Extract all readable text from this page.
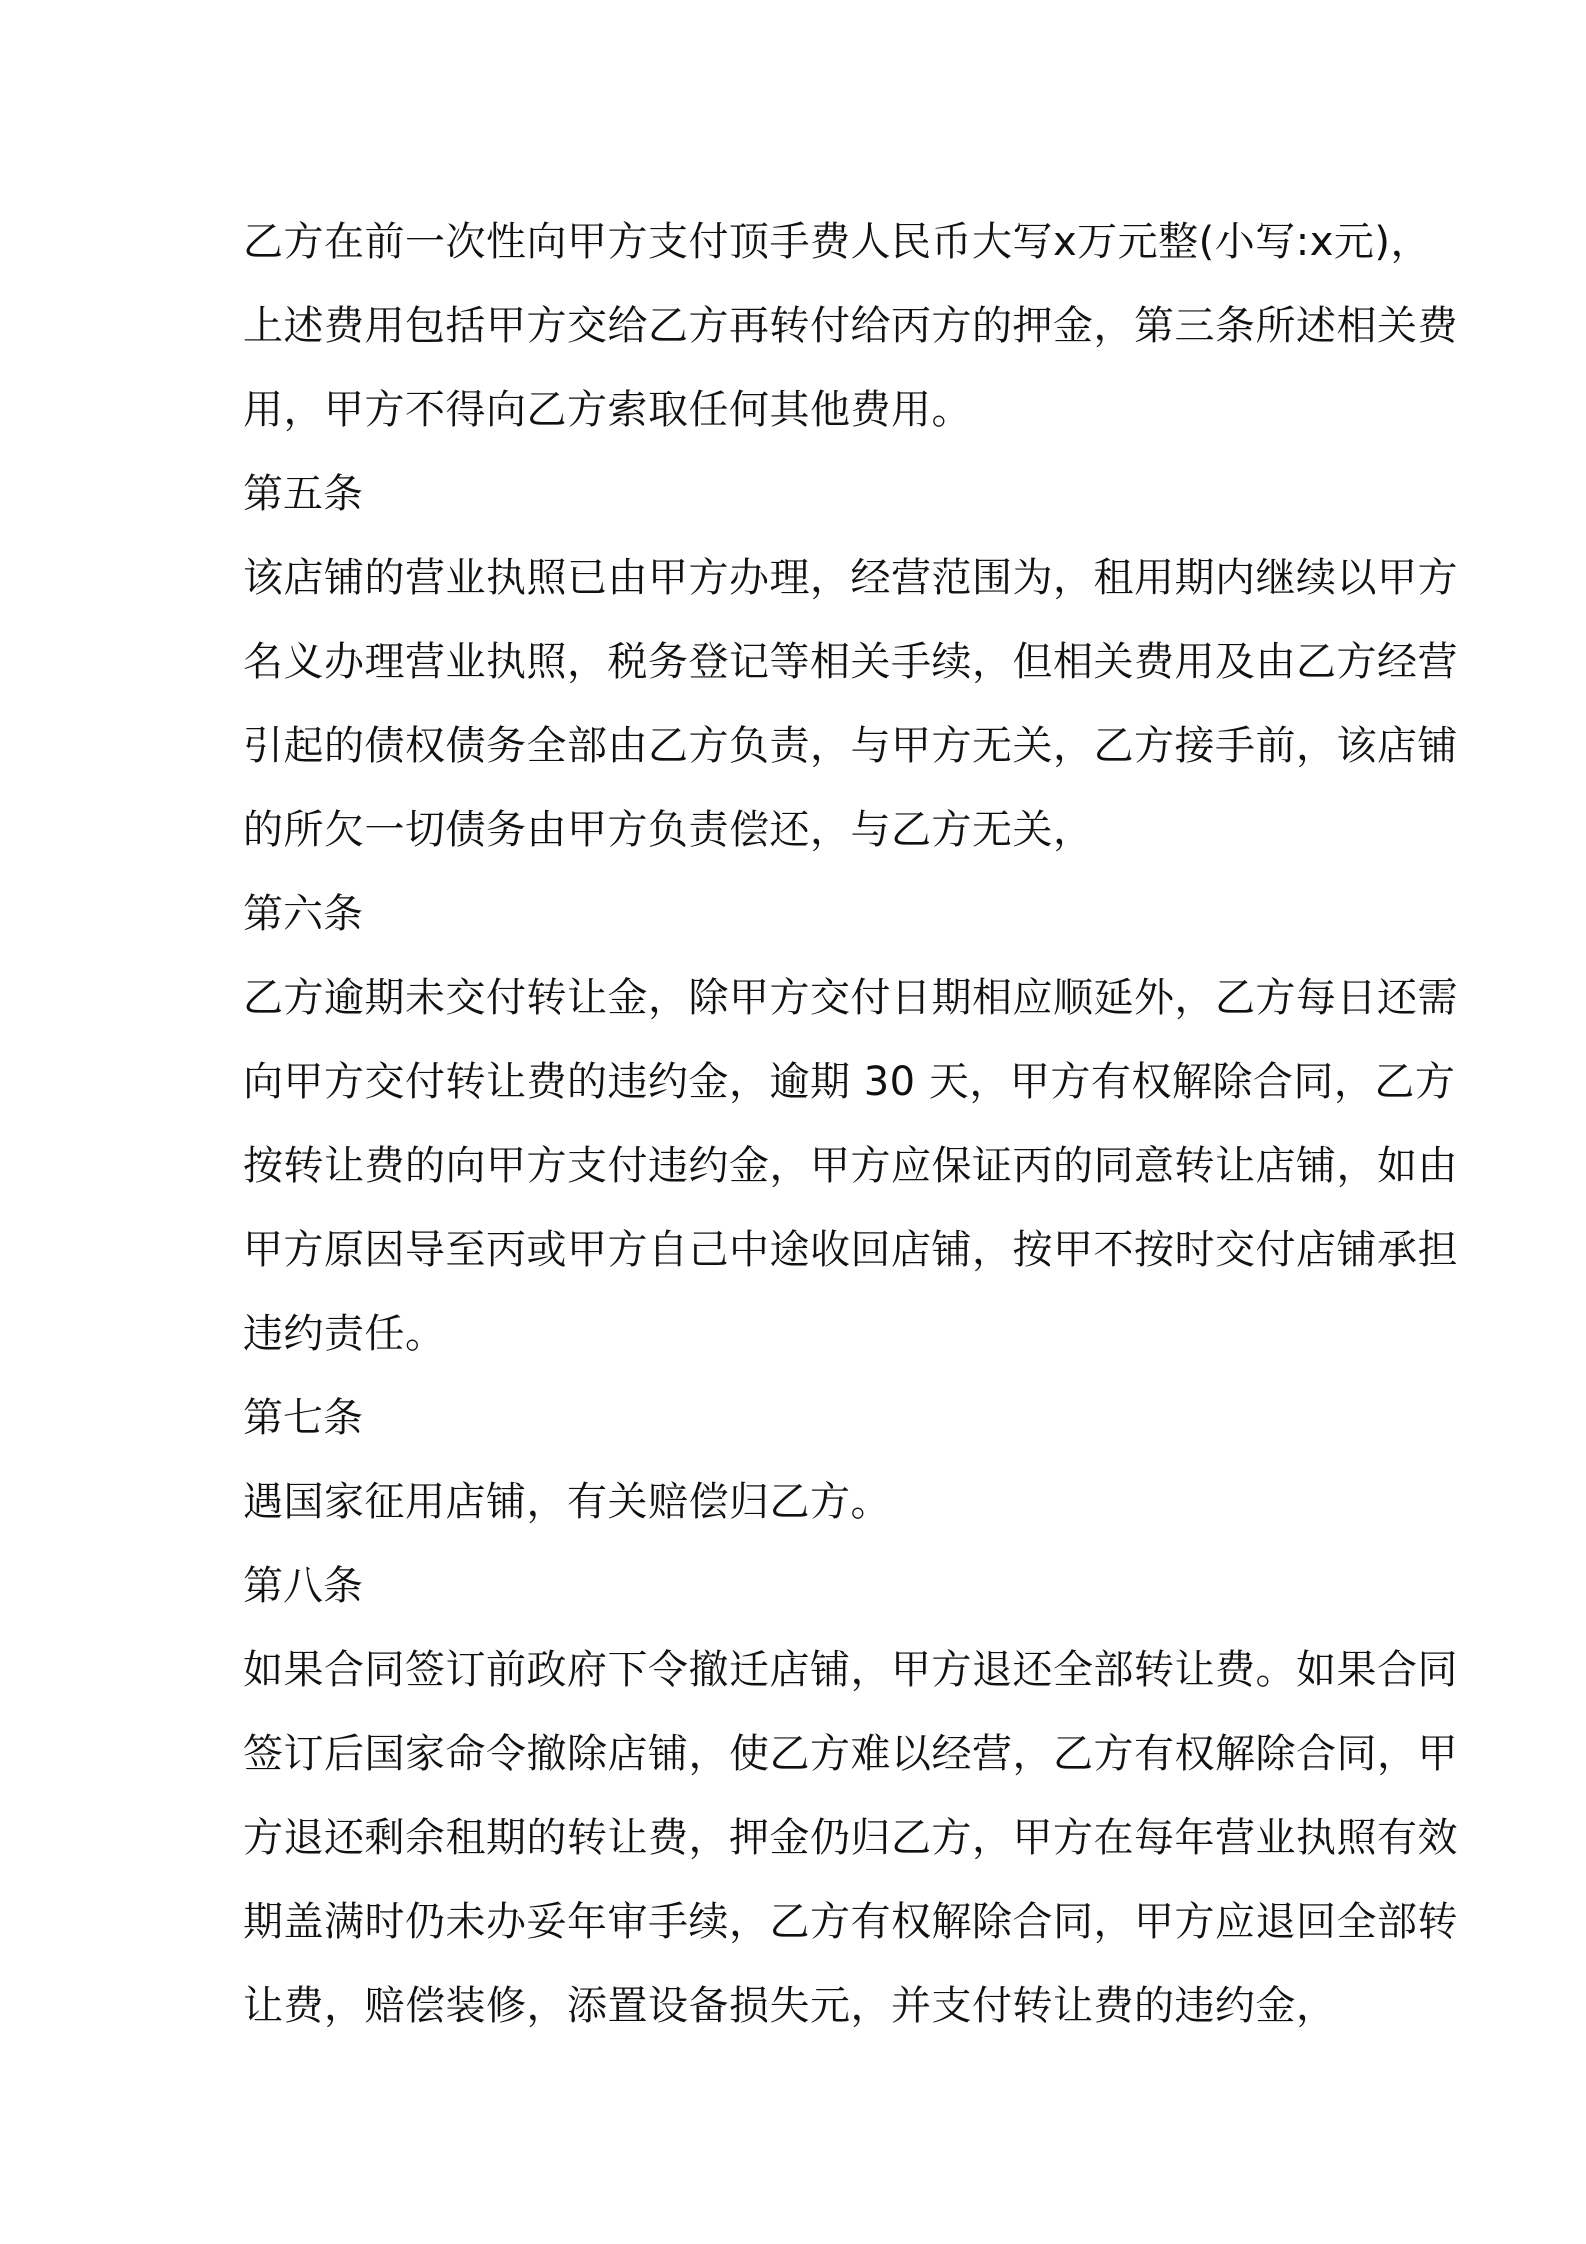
乙方在前一次性向甲方支付顶手费人民币大写x万元整(小写:x元)，
上述费用包括甲方交给乙方再转付给丙方的押金，第三条所述相关费
用，甲方不得向乙方索取任何其他费用。
第五条
该店铺的营业执照已由甲方办理，经营范围为，租用期内继续以甲方
名义办理营业执照，税务登记等相关手续，但相关费用及由乙方经营
引起的债权债务全部由乙方负责，与甲方无关，乙方接手前，该店铺
的所欠一切债务由甲方负责偿还，与乙方无关，
第六条
乙方逾期未交付转让金，除甲方交付日期相应顺延外，乙方每日还需
向甲方交付转让费的违约金，逾期 30 天，甲方有权解除合同，乙方
按转让费的向甲方支付违约金，甲方应保证丙的同意转让店铺，如由
甲方原因导至丙或甲方自己中途收回店铺，按甲不按时交付店铺承担
违约责任。
第七条
遇国家征用店铺，有关赔偿归乙方。
第八条
如果合同签订前政府下令撤迁店铺，甲方退还全部转让费。如果合同
签订后国家命令撤除店铺，使乙方难以经营，乙方有权解除合同，甲
方退还剩余租期的转让费，押金仍归乙方，甲方在每年营业执照有效
期盖满时仍未办妥年审手续，乙方有权解除合同，甲方应退回全部转
让费，赔偿装修，添置设备损失元，并支付转让费的违约金，
